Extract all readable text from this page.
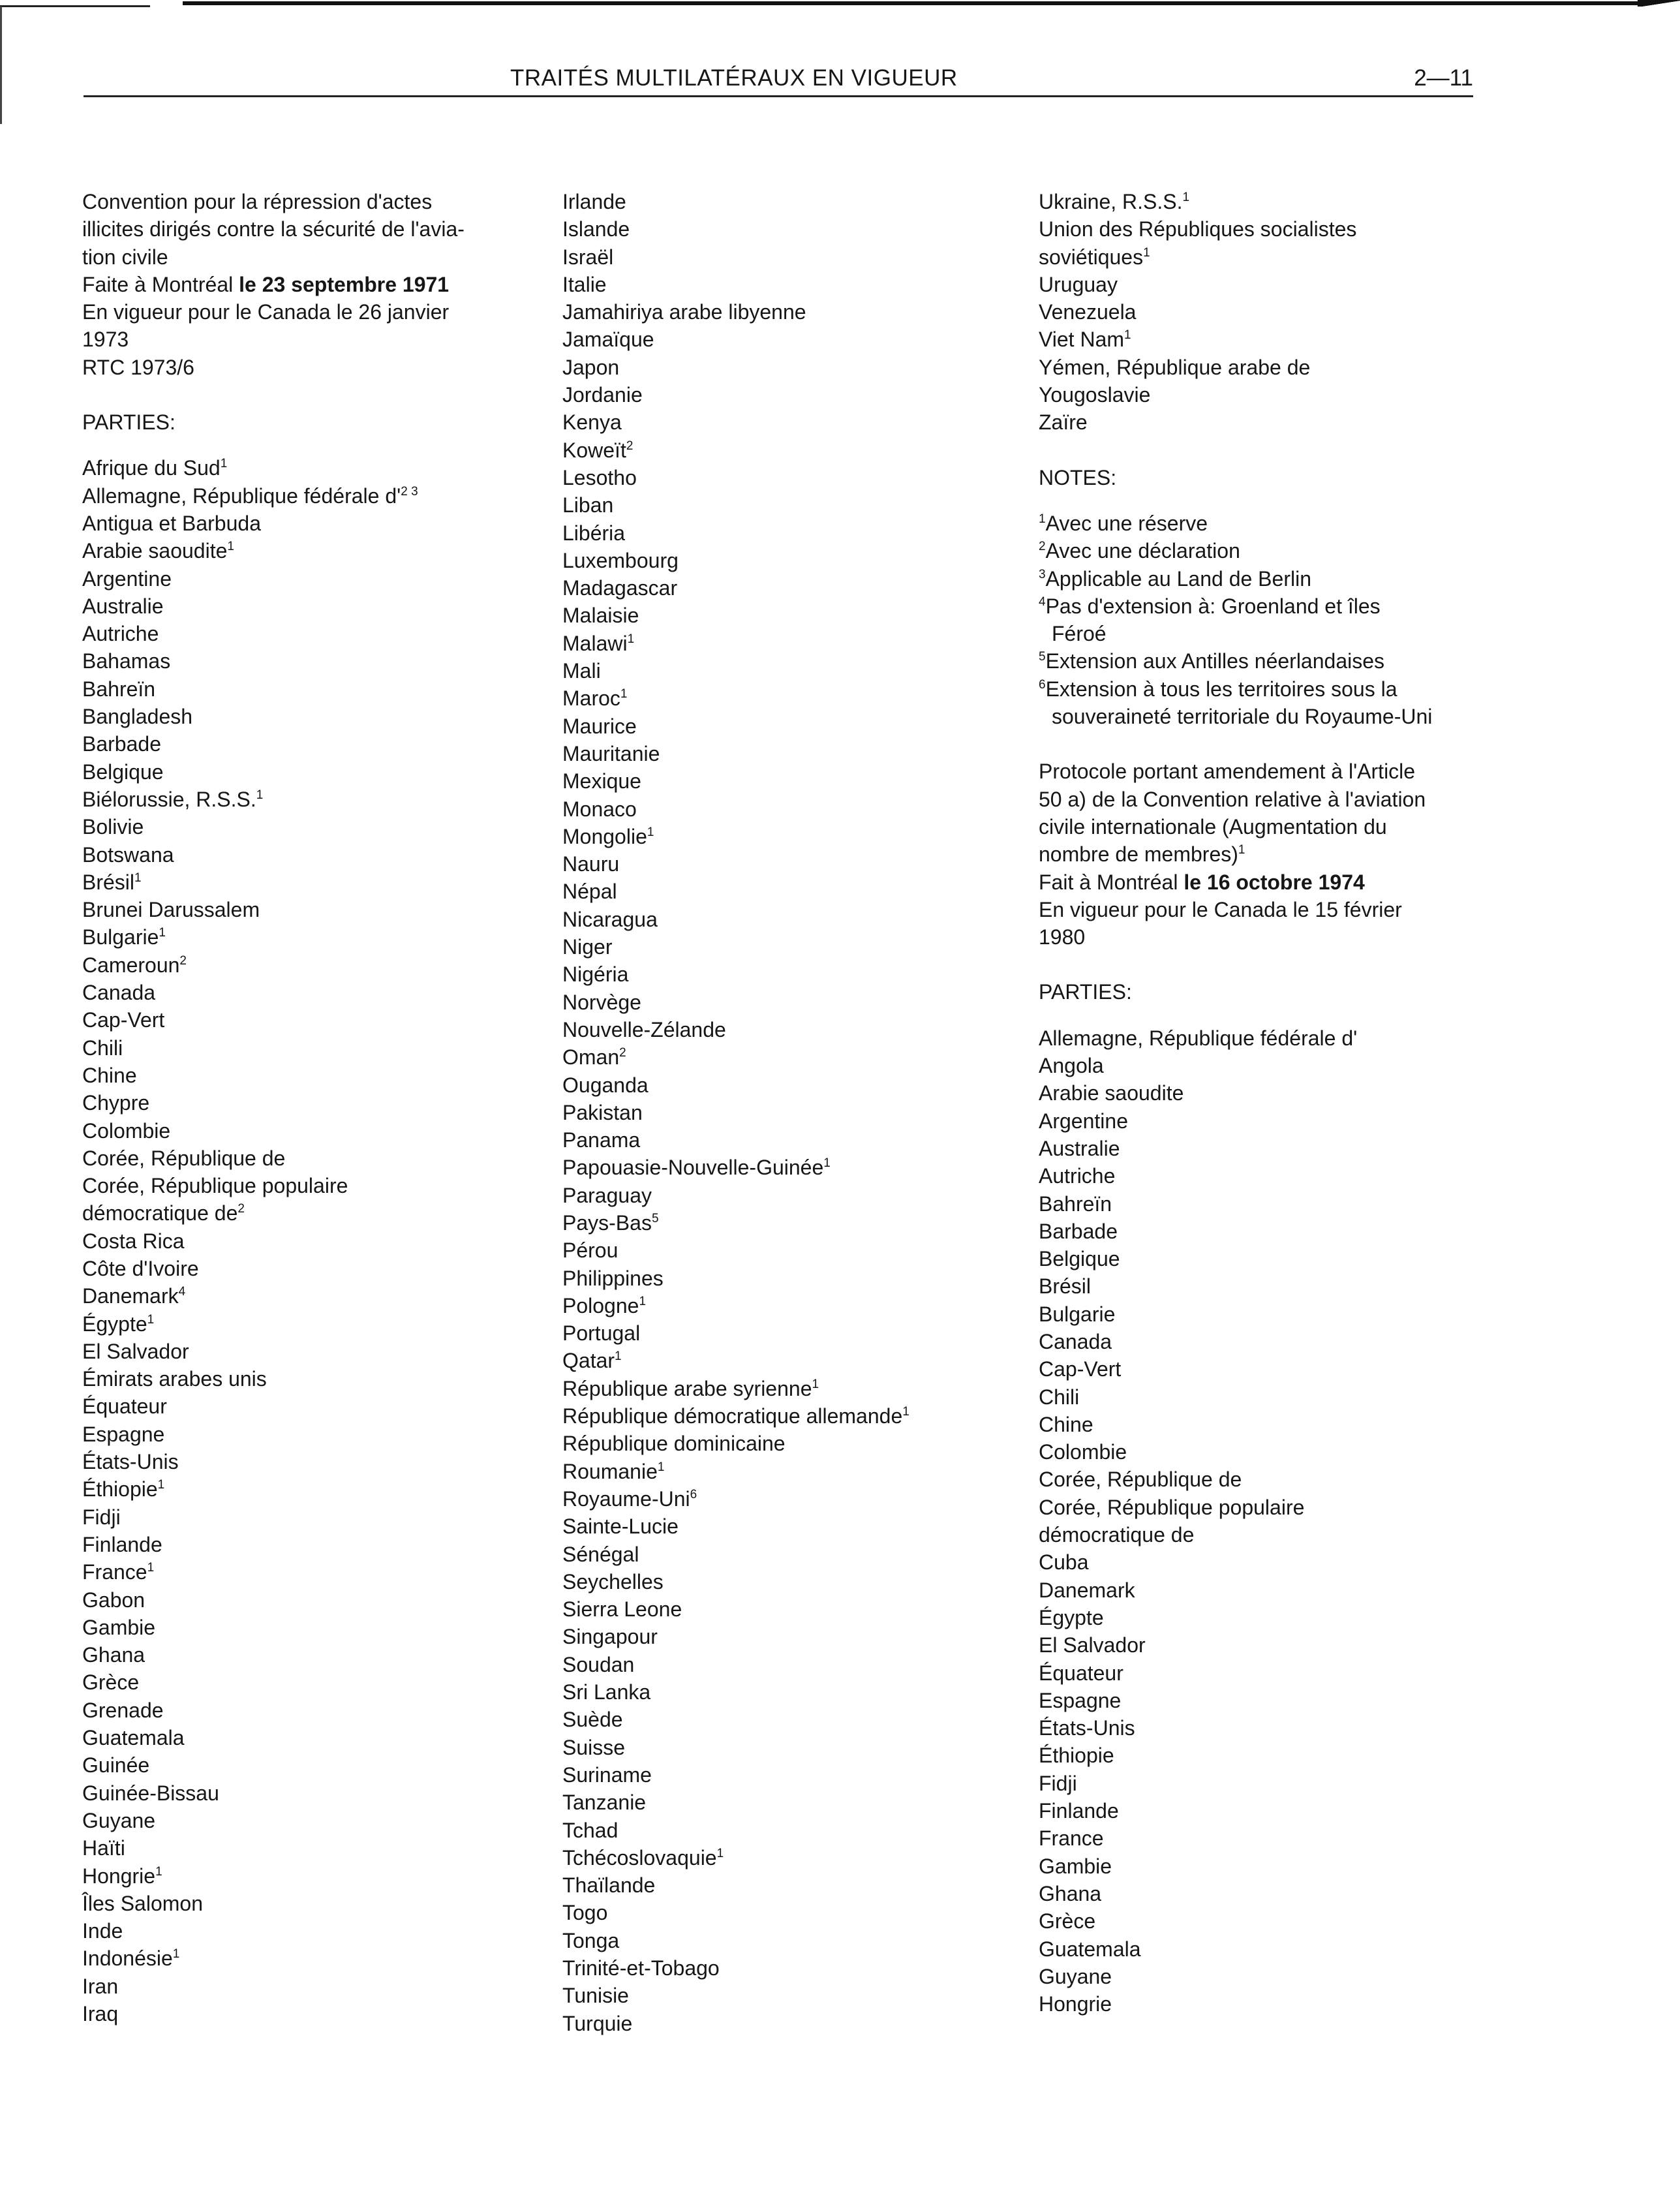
TRAITÉS MULTILATÉRAUX EN VIGUEUR	2—11
Convention pour la répression d'actes
illicites dirigés contre la sécurité de l'avia-
tion civile
Faite à Montréal le 23 septembre 1971
En vigueur pour le Canada le 26 janvier
1973
RTC 1973/6
PARTIES:
Afrique du Sud$^1$
Allemagne, République fédérale $d'^{2 3}$
Antigua et Barbuda
Arabie saoudite$^1$
Argentine
Australie
Autriche
Bahamas
Bahreïn
Bangladesh
Barbade
Belgique
Biélorussie, R.S.S.$^1$
Bolivie
Botswana
Brésil$^1$
Brunei Darussalem
Bulgarie$^1$
Cameroun$^2$
Canada
Cap-Vert
Chili
Chine
Chypre
Colombie
Corée, République de
Corée, République populaire
démocratique $de^2$
Costa Rica
Côte d'Ivoire
Danemark$^4$
Égypte$^1$
El Salvador
Émirats arabes unis
Équateur
Espagne
États-Unis
Éthiopie$^1$
Fidji
Finlande
France$^1$
Gabon
Gambie
Ghana
Grèce
Grenade
Guatemala
Guinée
Guinée-Bissau
Guyane
Haïti
Hongrie$^1$
Îles Salomon
Inde
Indonésie$^1$
Iran
Iraq
Irlande
Islande
Israël
Italie
Jamahiriya arabe libyenne
Jamaïque
Japon
Jordanie
Kenya
Koweït$^2$
Lesotho
Liban
Libéria
Luxembourg
Madagascar
Malaisie
Malawi$^1$
Mali
Maroc$^1$
Maurice
Mauritanie
Mexique
Monaco
Mongolie$^1$
Nauru
Népal
Nicaragua
Niger
Nigéria
Norvège
Nouvelle-Zélande
Oman$^2$
Ouganda
Pakistan
Panama
Papouasie-Nouvelle-Guinée$^1$
Paraguay
Pays-Bas$^5$
Pérou
Philippines
Pologne$^1$
Portugal
Qatar$^1$
République arabe syrienne$^1$
République démocratique allemande$^1$
République dominicaine
Roumanie$^1$
Royaume-Uni$^6$
Sainte-Lucie
Sénégal
Seychelles
Sierra Leone
Singapour
Soudan
Sri Lanka
Suède
Suisse
Suriname
Tanzanie
Tchad
Tchécoslovaquie$^1$
Thaïlande
Togo
Tonga
Trinité-et-Tobago
Tunisie
Turquie
Ukraine, R.S.S.$^1$
Union des Républiques socialistes
soviétiques$^1$
Uruguay
Venezuela
Viet Nam$^1$
Yémen, République arabe de
Yougoslavie
Zaïre
NOTES:
$^1$Avec une réserve
$^2$Avec une déclaration
$^3$Applicable au Land de Berlin
$^4$Pas d'extension à: Groenland et îles
Féroé
$^5$Extension aux Antilles néerlandaises
$^6$Extension à tous les territoires sous la
souveraineté territoriale du Royaume-Uni
Protocole portant amendement à l'Article
50 a) de la Convention relative à l'aviation
civile internationale (Augmentation du
nombre de membres)$^1$
Fait à Montréal le 16 octobre 1974
En vigueur pour le Canada le 15 février
1980
PARTIES:
Allemagne, République fédérale d'
Angola
Arabie saoudite
Argentine
Australie
Autriche
Bahreïn
Barbade
Belgique
Brésil
Bulgarie
Canada
Cap-Vert
Chili
Chine
Colombie
Corée, République de
Corée, République populaire
démocratique de
Cuba
Danemark
Égypte
El Salvador
Équateur
Espagne
États-Unis
Éthiopie
Fidji
Finlande
France
Gambie
Ghana
Grèce
Guatemala
Guyane
Hongrie
